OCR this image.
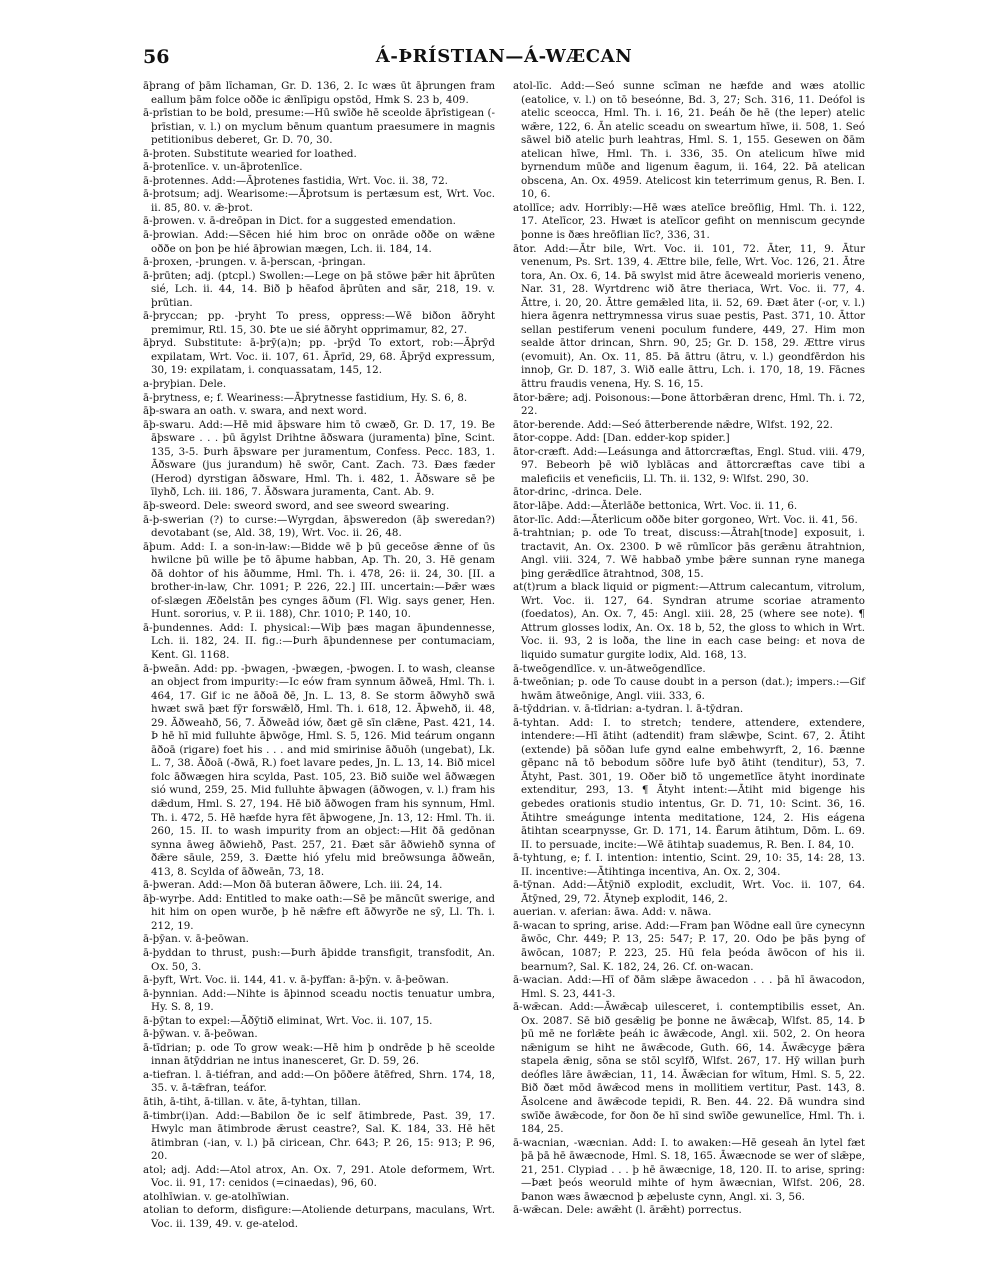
56	Á-ÞRÍSTIAN—Á-WÆCAN

āþrang of þām līchaman, Gr. D. 136, 2. Ic wæs ūt āþrungen fram eallum þām folce oððe ic ǣnlīpigu opstōd, Hmk S. 23 b, 409.

ā-prīstian to be bold, presume:—Hū swīðe hē sceolde āþrīstigean (-þrīstian, v. l.) on myclum bēnum quantum praesumere in magnis petitionibus deberet, Gr. D. 70, 30.

ā-þroten. Substitute wearied for loathed.

ā-þrotenlīce. v. un-āþrotenlīce.

ā-þrotennes. Add:—Āþrotenes fastidia, Wrt. Voc. ii. 38, 72.

ā-þrotsum; adj. Wearisome:—Āþrotsum is pertæsum est, Wrt. Voc. ii. 85, 80. v. ǣ-þrot.

ā-þrowen. v. ā-dreōpan in Dict. for a suggested emendation.

ā-þrowian. Add:—Sēcen hié him broc on onrāde oððe on wǣne oððe on þon þe hié āþrowian mægen, Lch. ii. 184, 14.

ā-þroxen, -þrungen. v. ā-þerscan, -þringan.

ā-þrūten; adj. (ptcpl.) Swollen:—Lege on þā stōwe þǣr hit āþrūten sié, Lch. ii. 44, 14. Bið þ hēafod āþrūten and sār, 218, 19. v. þrūtian.

ā-þryccan; pp. -þryht To press, oppress:—Wē biðon āðryht premimur, Rtl. 15, 30. Þte ue sié āðryht opprimamur, 82, 27.

āþryd. Substitute: ā-þrȳ(a)n; pp. -þrȳd To extort, rob:—Āþrȳd expilatam, Wrt. Voc. ii. 107, 61. Āprīd, 29, 68. Āþrȳd expressum, 30, 19: expilatam, i. conquassatam, 145, 12.

a-þryþian. Dele.

ā-þrytness, e; f. Weariness:—Āþrytnesse fastidium, Hy. S. 6, 8.

āþ-swara an oath. v. swara, and next word.

āþ-swaru. Add:—Hē mid āþsware him tō cwæð, Gr. D. 17, 19. Be āþsware . . . þū āgylst Drihtne āðswara (juramenta) þīne, Scint. 135, 3-5. Þurh āþsware per juramentum, Confess. Pecc. 183, 1. Āðsware (jus jurandum) hē swōr, Cant. Zach. 73. Ðæs fæder (Herod) dyrstigan āðsware, Hml. Th. i. 482, 1. Āðsware sē þe īlyhð, Lch. iii. 186, 7. Āðswara juramenta, Cant. Ab. 9.

āþ-sweord. Dele: sweord sword, and see sweord swearing.

ā-þ-swerian (?) to curse:—Wyrgdan, āþsweredon (āþ sweredan?) devotabant (se, Ald. 38, 19), Wrt. Voc. ii. 26, 48.

āþum. Add: I. a son-in-law:—Bidde wē þ þū geceōse ǣnne of ūs hwilcne þū wille þe tō āþume habban, Ap. Th. 20, 3. Hē genam ðā dohtor of his āðumme, Hml. Th. i. 478, 26: ii. 24, 30. [II. a brother-in-law, Chr. 1091; P. 226, 22.] III. uncertain:—Þǣr wæs of-slægen Æðelstān þes cynges āðum (Fl. Wig. says gener, Hen. Hunt. sororius, v. P. ii. 188), Chr. 1010; P. 140, 10.

ā-þundennes. Add: I. physical:—Wiþ þæs magan āþundennesse, Lch. ii. 182, 24. II. fig.:—Þurh āþundennese per contumaciam, Kent. Gl. 1168.

ā-þweān. Add: pp. -þwagen, -þwægen, -þwogen. I. to wash, cleanse an object from impurity:—Ic eów fram synnum āðweā, Hml. Th. i. 464, 17. Gif ic ne āðoā ðē, Jn. L. 13, 8. Se storm āðwyhð swā hwæt swā þæt fȳr forswǣlð, Hml. Th. i. 618, 12. Āþwehð, ii. 48, 29. Āðweahð, 56, 7. Āðweād iów, ðæt gē sīn clǣne, Past. 421, 14. Þ hē hī mid fulluhte āþwōge, Hml. S. 5, 126. Mid teárum ongann āðoā (rigare) foet his . . . and mid smirinise āðuōh (ungebat), Lk. L. 7, 38. Āðoā (-ðwā, R.) foet lavare pedes, Jn. L. 13, 14. Bið micel folc āðwægen hira scylda, Past. 105, 23. Bið suiðe wel āðwægen sió wund, 259, 25. Mid fulluhte āþwagen (āðwogen, v. l.) fram his dǣdum, Hml. S. 27, 194. Hē bið āðwogen fram his synnum, Hml. Th. i. 472, 5. Hē hæfde hyra fēt āþwogene, Jn. 13, 12: Hml. Th. ii. 260, 15. II. to wash impurity from an object:—Hit ðā gedōnan synna āweg āðwiehð, Past. 257, 21. Ðæt sār āðwiehð synna of ðǣre sāule, 259, 3. Ðætte hió yfelu mid breōwsunga āðweān, 413, 8. Scylda of āðweān, 73, 18.

ā-þweran. Add:—Mon ðā buteran āðwere, Lch. iii. 24, 14.

āþ-wyrþe. Add: Entitled to make oath:—Sē þe māncūt swerige, and hit him on open wurðe, þ hē nǣfre eft āðwyrðe ne sȳ, Ll. Th. i. 212, 19.

ā-þȳan. v. ā-þeōwan.

ā-þyddan to thrust, push:—Þurh āþidde transfigit, transfodit, An. Ox. 50, 3.

ā-þyft, Wrt. Voc. ii. 144, 41. v. ā-þyffan: ā-þȳn. v. ā-þeōwan.

ā-þynnian. Add:—Nihte is āþinnod sceadu noctis tenuatur umbra, Hy. S. 8, 19.

ā-þȳtan to expel:—Āðȳtið eliminat, Wrt. Voc. ii. 107, 15.

ā-þȳwan. v. ā-þeōwan.

ā-tīdrian; p. ode To grow weak:—Hē him þ ondrēde þ hē sceolde innan ātȳddrian ne intus inanesceret, Gr. D. 59, 26.

a-tiefran. l. ā-tiéfran, and add:—On þōðere ātēfred, Shrn. 174, 18, 35. v. ā-tǣfran, teáfor.

ātih, ā-tiht, ā-tillan. v. āte, ā-tyhtan, tillan.

ā-timbr(i)an. Add:—Babilon ðe ic self ātimbrede, Past. 39, 17. Hwylc man ātimbrode ǣrust ceastre?, Sal. K. 184, 33. Hē hēt ātimbran (-ian, v. l.) þā ciricean, Chr. 643; P. 26, 15: 913; P. 96, 20.

atol; adj. Add:—Atol atrox, An. Ox. 7, 291. Atole deformem, Wrt. Voc. ii. 91, 17: cenidos (=cinaedas), 96, 60.

atolhīwian. v. ge-atolhīwian.

atolian to deform, disfigure:—Atoliende deturpans, maculans, Wrt. Voc. ii. 139, 49. v. ge-atelod.

atol-līc. Add:—Seó sunne scīman ne hæfde and wæs atollic (eatolice, v. l.) on tō beseónne, Bd. 3, 27; Sch. 316, 11. Deófol is atelic sceocca, Hml. Th. i. 16, 21. Þeáh ðe hē (the leper) atelic wǣre, 122, 6. Ān atelic sceadu on sweartum hīwe, ii. 508, 1. Seó sāwel bið atelic þurh leahtras, Hml. S. 1, 155. Gesewen on ðām atelican hīwe, Hml. Th. i. 336, 35. On atelicum hīwe mid byrnendum mūðe and ligenum ēagum, ii. 164, 22. Þā atelican obscena, An. Ox. 4959. Atelicost kin teterrimum genus, R. Ben. I. 10, 6.

atollīce; adv. Horribly:—Hē wæs atelīce breōflig, Hml. Th. i. 122, 17. Atelīcor, 23. Hwæt is atelīcor gefiht on menniscum gecynde þonne is ðæs hreōflian līc?, 336, 31.

ātor. Add:—Ātr bile, Wrt. Voc. ii. 101, 72. Āter, 11, 9. Ātur venenum, Ps. Srt. 139, 4. Ættre bile, felle, Wrt. Voc. 126, 21. Ātre tora, An. Ox. 6, 14. Þā swylst mid ātre āceweald morieris veneno, Nar. 31, 28. Wyrtdrenc wið ātre theriaca, Wrt. Voc. ii. 77, 4. Āttre, i. 20, 20. Āttre gemǣled lita, ii. 52, 69. Ðæt āter (-or, v. l.) hiera āgenra nettrymnessa virus suae pestis, Past. 371, 10. Āttor sellan pestiferum veneni poculum fundere, 449, 27. Him mon sealde āttor drincan, Shrn. 90, 25; Gr. D. 158, 29. Ættre virus (evomuit), An. Ox. 11, 85. Þā āttru (ātru, v. l.) geondfērdon his innoþ, Gr. D. 187, 3. Wið ealle āttru, Lch. i. 170, 18, 19. Fācnes āttru fraudis venena, Hy. S. 16, 15.

ātor-bǣre; adj. Poisonous:—Þone āttorbǣran drenc, Hml. Th. i. 72, 22.

ātor-berende. Add:—Seó ātterberende nǣdre, Wlfst. 192, 22.

ātor-coppe. Add: [Dan. edder-kop spider.]

ātor-cræft. Add:—Leásunga and āttorcræftas, Engl. Stud. viii. 479, 97. Bebeorh þē wið lyblācas and āttorcræftas cave tibi a maleficiis et veneficiis, Ll. Th. ii. 132, 9: Wlfst. 290, 30.

ātor-drinc, -drinca. Dele.

ātor-lāþe. Add:—Āterlāðe bettonica, Wrt. Voc. ii. 11, 6.

ātor-līc. Add:—Āterlicum oððe biter gorgoneo, Wrt. Voc. ii. 41, 56.

ā-trahtnian; p. ode To treat, discuss:—Ātrah[tnode] exposuit, i. tractavit, An. Ox. 2300. Þ wē rūmlīcor þās gerǣnu ātrahtnion, Angl. viii. 324, 7. Wē habbað ymbe þǣre sunnan ryne manega þing gerǣdlīce ātrahtnod, 308, 15.

at(t)rum a black liquid or pigment:—Attrum calecantum, vitrolum, Wrt. Voc. ii. 127, 64. Syndran atrume scoriae atramento (foedatos), An. Ox. 7, 45: Angl. xiii. 28, 25 (where see note). ¶ Attrum glosses lodix, An. Ox. 18 b, 52, the gloss to which in Wrt. Voc. ii. 93, 2 is loða, the line in each case being: et nova de liquido sumatur gurgite lodix, Ald. 168, 13.

ā-tweōgendlīce. v. un-ātweōgendlīce.

ā-tweōnian; p. ode To cause doubt in a person (dat.); impers.:—Gif hwām ātweōnige, Angl. viii. 333, 6.

ā-tȳddrian. v. ā-tīdrian: a-tydran. l. ā-tȳdran.

ā-tyhtan. Add: I. to stretch; tendere, attendere, extendere, intendere:—Hī ātiht (adtendit) fram slǣwþe, Scint. 67, 2. Ātiht (extende) þā sōðan lufe gynd ealne embehwyrft, 2, 16. Þænne gēpanc nā tō bebodum sōðre lufe byð ātiht (tenditur), 53, 7. Ātyht, Past. 301, 19. Oðer bið tō ungemetlīce ātyht inordinate extenditur, 293, 13. ¶ Ātyht intent:—Ātiht mid bigenge his gebedes orationis studio intentus, Gr. D. 71, 10: Scint. 36, 16. Ātihtre smeágunge intenta meditatione, 124, 2. His eágena ātihtan scearpnysse, Gr. D. 171, 14. Ēarum ātihtum, Dōm. L. 69. II. to persuade, incite:—Wē ātihtaþ suademus, R. Ben. I. 84, 10.

ā-tyhtung, e; f. I. intention: intentio, Scint. 29, 10: 35, 14: 28, 13. II. incentive:—Ātihtinga incentiva, An. Ox. 2, 304.

ā-tȳnan. Add:—Ātȳnið explodit, excludit, Wrt. Voc. ii. 107, 64. Ātȳned, 29, 72. Ātyneþ explodit, 146, 2.

auerian. v. aferian: āwa. Add: v. nāwa.

ā-wacan to spring, arise. Add:—Fram þan Wōdne eall ūre cynecynn āwōc, Chr. 449; P. 13, 25: 547; P. 17, 20. Odo þe þās þyng of āwōcan, 1087; P. 223, 25. Hū fela þeóda āwōcon of his ii. bearnum?, Sal. K. 182, 24, 26. Cf. on-wacan.

ā-wacian. Add:—Hī of ðām slǣpe āwacedon . . . þā hī āwacodon, Hml. S. 23, 441-3.

ā-wǣcan. Add:—Āwǣcaþ uilesceret, i. contemptibilis esset, An. Ox. 2087. Sē bið gesǣlig þe þonne ne āwǣcaþ, Wlfst. 85, 14. Þ þū mē ne forlǣte þeáh ic āwǣcode, Angl. xii. 502, 2. On heora nǣnigum se hiht ne āwǣcode, Guth. 66, 14. Āwǣcyge þǣra stapela ǣnig, sōna se stōl scylfð, Wlfst. 267, 17. Hȳ willan þurh deófles lāre āwǣcian, 11, 14. Āwǣcian for wītum, Hml. S. 5, 22. Bið ðæt mōd āwǣcod mens in mollitiem vertitur, Past. 143, 8. Āsolcene and āwǣcode tepidi, R. Ben. 44. 22. Ðā wundra sind swīðe āwǣcode, for ðon ðe hī sind swīðe gewunelīce, Hml. Th. i. 184, 25.

ā-wacnian, -wæcnian. Add: I. to awaken:—Hē geseah ān lytel fæt þā þā hē āwæcnode, Hml. S. 18, 165. Āwæcnode se wer of slǣpe, 21, 251. Clypiad . . . þ hē āwæcnige, 18, 120. II. to arise, spring:—Þæt þeós weoruld mihte of hym āwæcnian, Wlfst. 206, 28. Þanon wæs āwæcnod þ æþeluste cynn, Angl. xi. 3, 56.

ā-wǣcan. Dele: awǣht (l. ārǣht) porrectus.
